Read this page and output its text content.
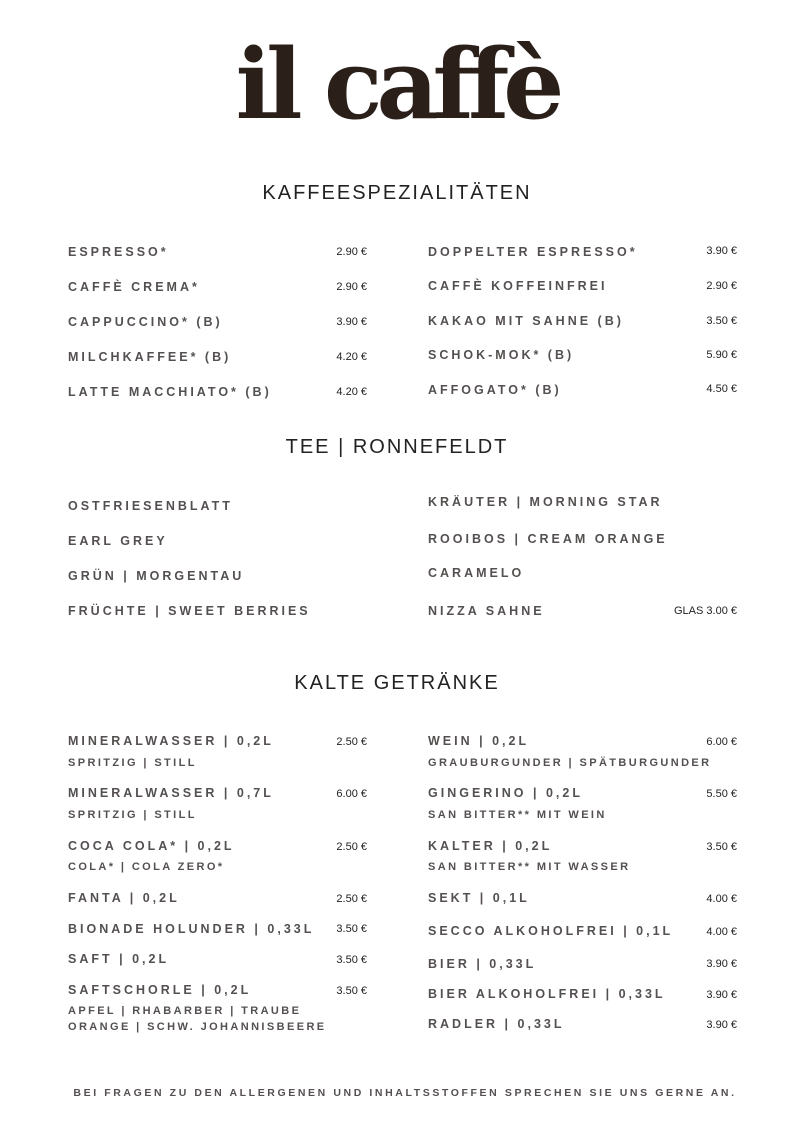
il caffè
KAFFEESPEZIALITÄTEN
ESPRESSO*	2.90 €
CAFFÈ CREMA*	2.90 €
CAPPUCCINO* (B)	3.90 €
MILCHKAFFEE* (B)	4.20 €
LATTE MACCHIATO* (B)	4.20 €
DOPPELTER ESPRESSO*	3.90 €
CAFFÈ KOFFEINFREI	2.90 €
KAKAO MIT SAHNE (B)	3.50 €
SCHOK-MOK* (B)	5.90 €
AFFOGATO* (B)	4.50 €
TEE | RONNEFELDT
OSTFRIESENBLATT
EARL GREY
GRÜN | MORGENTAU
FRÜCHTE | SWEET BERRIES
KRÄUTER | MORNING STAR
ROOIBOS | CREAM ORANGE
CARAMELO
NIZZA SAHNE	GLAS 3.00 €
KALTE GETRÄNKE
MINERALWASSER | 0,2L	2.50 €
SPRITZIG | STILL
MINERALWASSER | 0,7L	6.00 €
SPRITZIG | STILL
COCA COLA* | 0,2L	2.50 €
COLA* | COLA ZERO*
FANTA | 0,2L	2.50 €
BIONADE HOLUNDER | 0,33L	3.50 €
SAFT | 0,2L	3.50 €
SAFTSCHORLE | 0,2L	3.50 €
APFEL | RHABARBER | TRAUBE
ORANGE | SCHW. JOHANNISBEERE
WEIN | 0,2L	6.00 €
GRAUBURGUNDER | SPÄTBURGUNDER
GINGERINO | 0,2L	5.50 €
SAN BITTER** MIT WEIN
KALTER | 0,2L	3.50 €
SAN BITTER** MIT WASSER
SEKT | 0,1L	4.00 €
SECCO ALKOHOLFREI | 0,1L	4.00 €
BIER | 0,33L	3.90 €
BIER ALKOHOLFREI | 0,33L	3.90 €
RADLER | 0,33L	3.90 €
BEI FRAGEN ZU DEN ALLERGENEN UND INHALTSSTOFFEN SPRECHEN SIE UNS GERNE AN.
